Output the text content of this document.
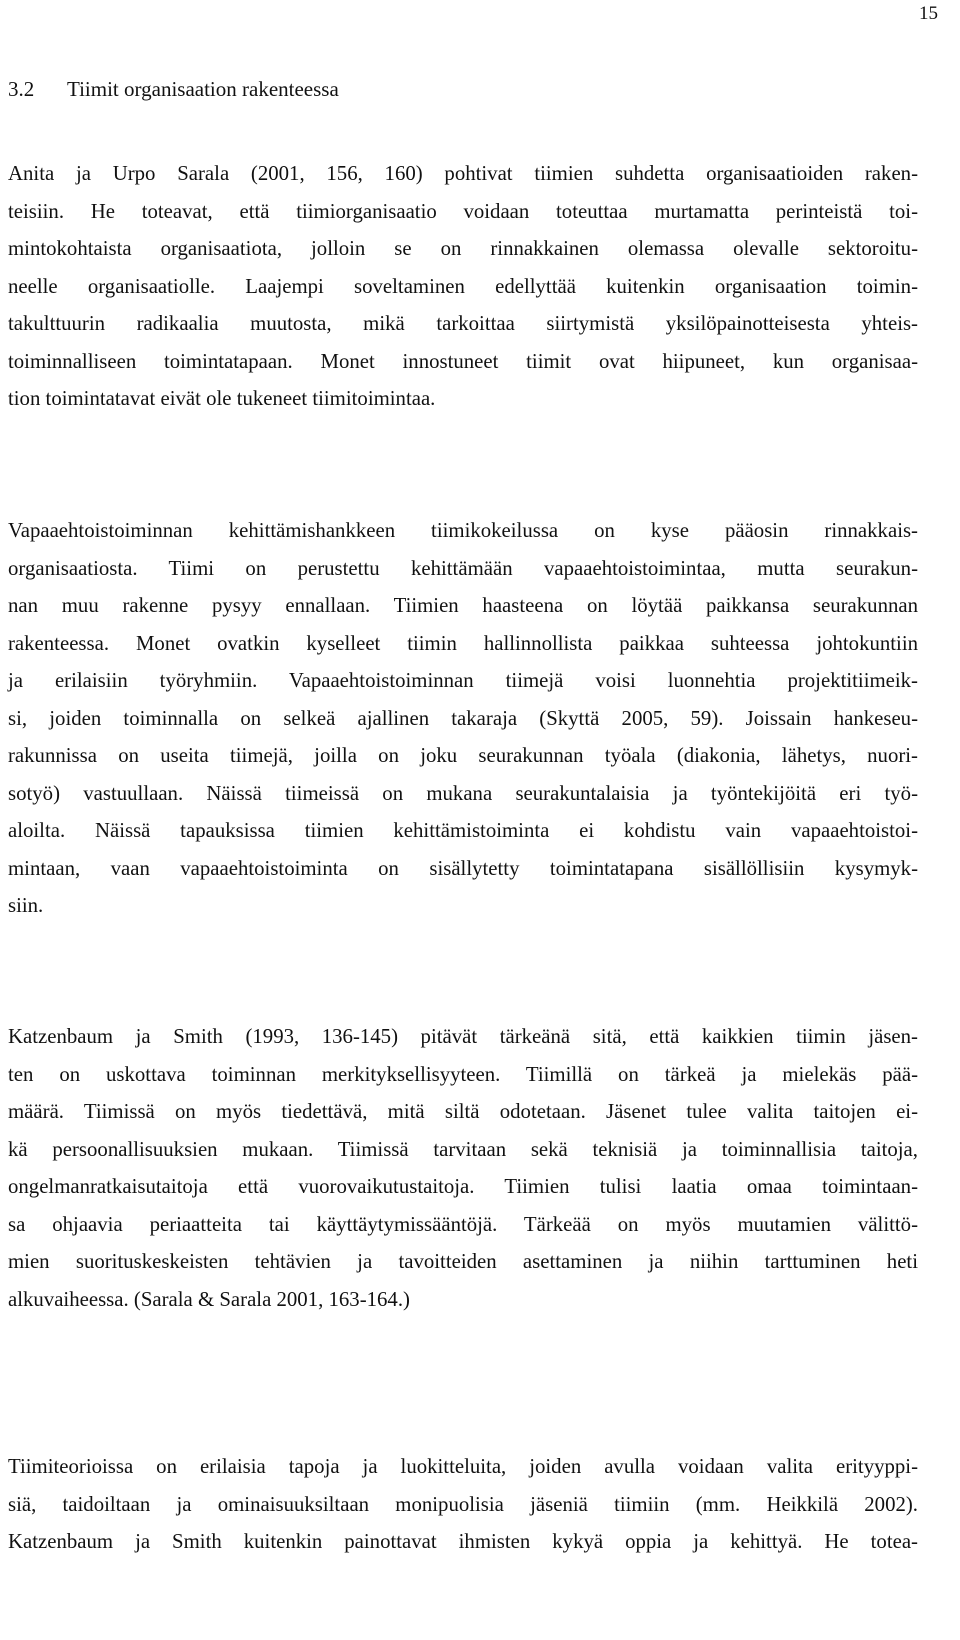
15
3.2 Tiimit organisaation rakenteessa

Anita ja Urpo Sarala (2001, 156, 160) pohtivat tiimien suhdetta organisaatioiden raken-
teisiin. He toteavat, että tiimiorganisaatio voidaan toteuttaa murtamatta perinteistä toi-
mintokohtaista organisaatiota, jolloin se on rinnakkainen olemassa olevalle sektoroitu-
neelle organisaatiolle. Laajempi soveltaminen edellyttää kuitenkin organisaation toimin-
takulttuurin radikaalia muutosta, mikä tarkoittaa siirtymistä yksilöpainotteisesta yhteis-
toiminnalliseen toimintatapaan. Monet innostuneet tiimit ovat hiipuneet, kun organisaa-
tion toimintatavat eivät ole tukeneet tiimitoimintaa.

Vapaaehtoistoiminnan kehittämishankkeen tiimikokeilussa on kyse pääosin rinnakkais-
organisaatiosta. Tiimi on perustettu kehittämään vapaaehtoistoimintaa, mutta seurakun-
nan muu rakenne pysyy ennallaan. Tiimien haasteena on löytää paikkansa seurakunnan
rakenteessa. Monet ovatkin kyselleet tiimin hallinnollista paikkaa suhteessa johtokuntiin
ja erilaisiin työryhmiin. Vapaaehtoistoiminnan tiimejä voisi luonnehtia projektitiimeik-
si, joiden toiminnalla on selkeä ajallinen takaraja (Skyttä 2005, 59). Joissain hankeseu-
rakunnissa on useita tiimejä, joilla on joku seurakunnan työala (diakonia, lähetys, nuori-
sotyö) vastuullaan. Näissä tiimeissä on mukana seurakuntalaisia ja työntekijöitä eri työ-
aloilta. Näissä tapauksissa tiimien kehittämistoiminta ei kohdistu vain vapaaehtoistoi-
mintaan, vaan vapaaehtoistoiminta on sisällytetty toimintatapana sisällöllisiin kysymyk-
siin.

Katzenbaum ja Smith (1993, 136-145) pitävät tärkeänä sitä, että kaikkien tiimin jäsen-
ten on uskottava toiminnan merkityksellisyyteen. Tiimillä on tärkeä ja mielekäs pää-
määrä. Tiimissä on myös tiedettävä, mitä siltä odotetaan. Jäsenet tulee valita taitojen ei-
kä persoonallisuuksien mukaan. Tiimissä tarvitaan sekä teknisiä ja toiminnallisia taitoja,
ongelmanratkaisutaitoja että vuorovaikutustaitoja. Tiimien tulisi laatia omaa toimintaan-
sa ohjaavia periaatteita tai käyttäytymissääntöjä. Tärkeää on myös muutamien välittö-
mien suorituskeskeisten tehtävien ja tavoitteiden asettaminen ja niihin tarttuminen heti
alkuvaiheessa. (Sarala & Sarala 2001, 163-164.)

Tiimiteorioissa on erilaisia tapoja ja luokitteluita, joiden avulla voidaan valita erityyppi-
siä, taidoiltaan ja ominaisuuksiltaan monipuolisia jäseniä tiimiin (mm. Heikkilä 2002).
Katzenbaum ja Smith kuitenkin painottavat ihmisten kykyä oppia ja kehittyä. He totea-
